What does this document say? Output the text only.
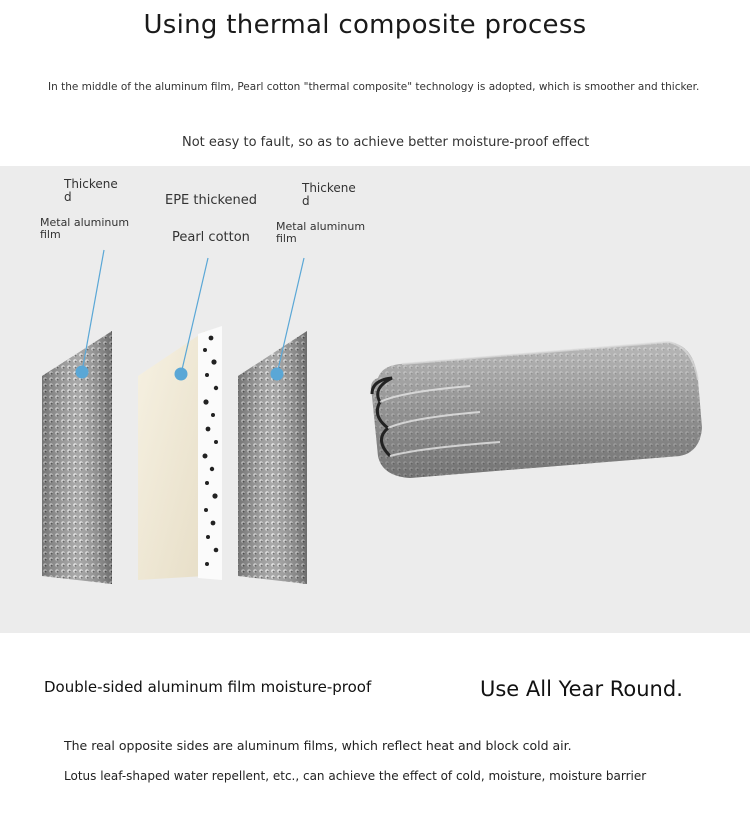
Using thermal composite process
In the middle of the aluminum film, Pearl cotton "thermal composite" technology is adopted, which is smoother and thicker.
Not easy to fault, so as to achieve better moisture-proof effect
Thickene
d
Metal aluminum
film
EPE thickened
Pearl cotton
Thickene
d
Metal aluminum
film
Double-sided aluminum film moisture-proof	Use All Year Round.
The real opposite sides are aluminum films, which reflect heat and block cold air.
Lotus leaf-shaped water repellent, etc., can achieve the effect of cold, moisture, moisture barrier
